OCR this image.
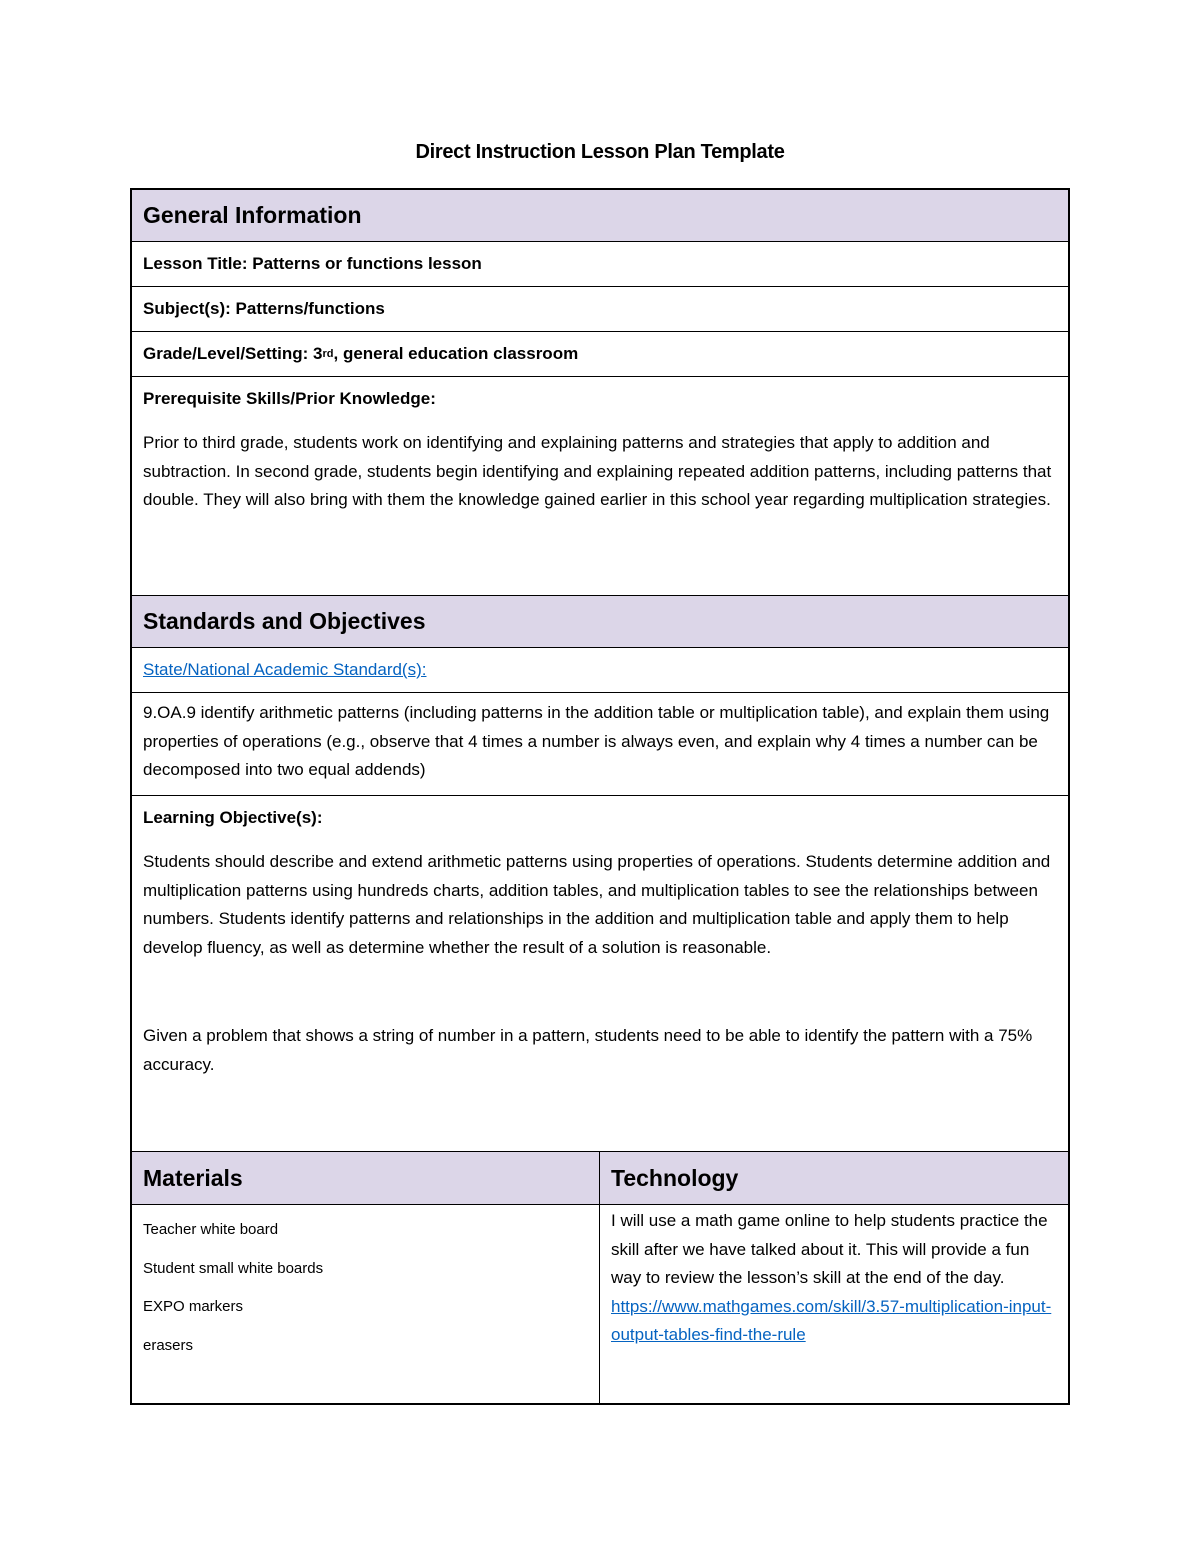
Direct Instruction Lesson Plan Template
General Information
Lesson Title: Patterns or functions lesson
Subject(s): Patterns/functions
Grade/Level/Setting: 3 rd , general education classroom
Prerequisite Skills/Prior Knowledge:
Prior to third grade, students work on identifying and explaining patterns and strategies that apply to addition and subtraction. In second grade, students begin identifying and explaining repeated addition patterns, including patterns that double. They will also bring with them the knowledge gained earlier in this school year regarding multiplication strategies.
Standards and Objectives
State/National Academic Standard(s):
9.OA.9 identify arithmetic patterns (including patterns in the addition table or multiplication table), and explain them using properties of operations (e.g., observe that 4 times a number is always even, and explain why 4 times a number can be decomposed into two equal addends)
Learning Objective(s):
Students should describe and extend arithmetic patterns using properties of operations. Students determine addition and multiplication patterns using hundreds charts, addition tables, and multiplication tables to see the relationships between numbers. Students identify patterns and relationships in the addition and multiplication table and apply them to help develop fluency, as well as determine whether the result of a solution is reasonable.
Given a problem that shows a string of number in a pattern, students need to be able to identify the pattern with a 75% accuracy.
Materials	Technology
Teacher white board
Student small white boards
EXPO markers
erasers
I will use a math game online to help students practice the skill after we have talked about it. This will provide a fun way to review the lesson’s skill at the end of the day.
https://www.mathgames.com/skill/3.57-multiplication-input-output-tables-find-the-rule
